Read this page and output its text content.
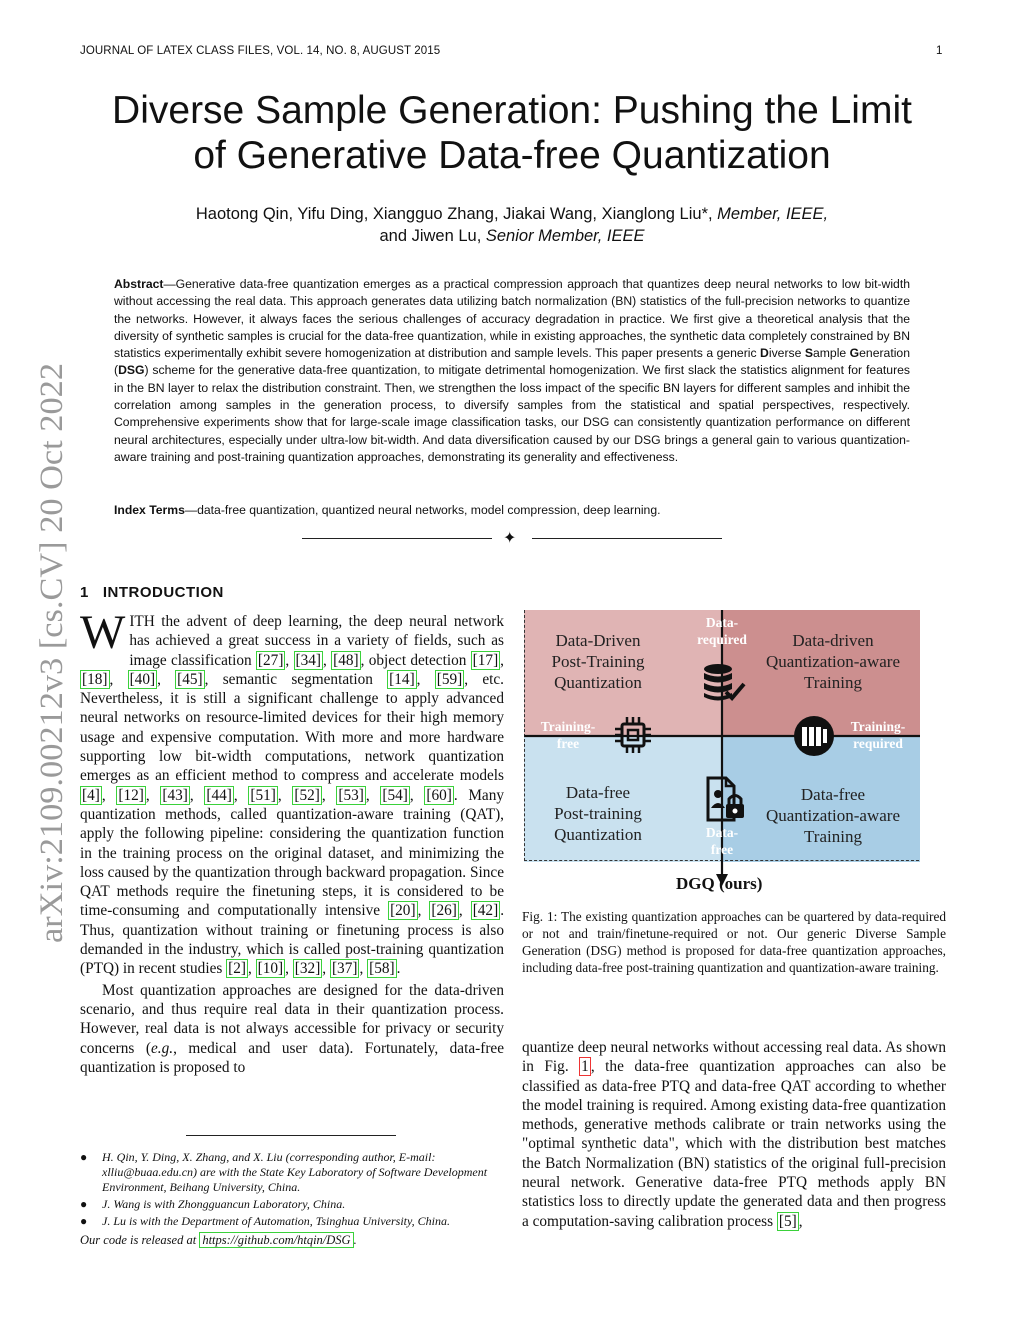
JOURNAL OF LATEX CLASS FILES, VOL. 14, NO. 8, AUGUST 2015	1
Diverse Sample Generation: Pushing the Limit
of Generative Data-free Quantization
Haotong Qin, Yifu Ding, Xiangguo Zhang, Jiakai Wang, Xianglong Liu*, Member, IEEE,
and Jiwen Lu, Senior Member, IEEE
Abstract—Generative data-free quantization emerges as a practical compression approach that quantizes deep neural networks to low bit-width without accessing the real data. This approach generates data utilizing batch normalization (BN) statistics of the full-precision networks to quantize the networks. However, it always faces the serious challenges of accuracy degradation in practice. We first give a theoretical analysis that the diversity of synthetic samples is crucial for the data-free quantization, while in existing approaches, the synthetic data completely constrained by BN statistics experimentally exhibit severe homogenization at distribution and sample levels. This paper presents a generic Diverse Sample Generation (DSG) scheme for the generative data-free quantization, to mitigate detrimental homogenization. We first slack the statistics alignment for features in the BN layer to relax the distribution constraint. Then, we strengthen the loss impact of the specific BN layers for different samples and inhibit the correlation among samples in the generation process, to diversify samples from the statistical and spatial perspectives, respectively. Comprehensive experiments show that for large-scale image classification tasks, our DSG can consistently quantization performance on different neural architectures, especially under ultra-low bit-width. And data diversification caused by our DSG brings a general gain to various quantization-aware training and post-training quantization approaches, demonstrating its generality and effectiveness.
Index Terms—data-free quantization, quantized neural networks, model compression, deep learning.
✦
arXiv:2109.00212v3 [cs.CV] 20 Oct 2022 1 INTRODUCTION

WITH the advent of deep learning, the deep neural network has achieved a great success in a variety of fields, such as image classification [27] , [34] , [48] , object detection [17] , [18] , [40] , [45] , semantic segmentation [14] , [59] , etc. Nevertheless, it is still a significant challenge to apply advanced neural networks on resource-limited devices for their high memory usage and expensive computation. With more and more hardware supporting low bit-width computations, network quantization emerges as an efficient method to compress and accelerate models [4] , [12] , [43] , [44] , [51] , [52] , [53] , [54] , [60] . Many quantization methods, called quantization-aware training (QAT), apply the following pipeline: considering the quantization function in the training process on the original dataset, and minimizing the loss caused by the quantization through backward propagation. Since QAT methods require the finetuning steps, it is considered to be time-consuming and computationally intensive [20] , [26] , [42] . Thus, quantization without training or finetuning process is also demanded in the industry, which is called post-training quantization (PTQ) in recent studies [2] , [10] , [32] , [37] , [58] .

Most quantization approaches are designed for the data-driven scenario, and thus require real data in their quantization process. However, real data is not always accessible for privacy or security concerns (e.g., medical and user data). Fortunately, data-free quantization is proposed to

● H. Qin, Y. Ding, X. Zhang, and X. Liu (corresponding author, E-mail: xlliu@buaa.edu.cn) are with the State Key Laboratory of Software Development Environment, Beihang University, China.
● J. Wang is with Zhongguancun Laboratory, China.
● J. Lu is with the Department of Automation, Tsinghua University, China.
Our code is released at https://github.com/htqin/DSG .
Data-Driven
Post-Training
Quantization
Data-driven
Quantization-aware
Training
Data-free
Post-training
Quantization
Data-free
Quantization-aware
Training
Data-
required
Training-
free
Training-
required
Data-
free
DGQ (ours)
Fig. 1: The existing quantization approaches can be quartered by data-required or not and train/finetune-required or not. Our generic Diverse Sample Generation (DSG) method is proposed for data-free quantization approaches, including data-free post-training quantization and quantization-aware training.
quantize deep neural networks without accessing real data. As shown in Fig. 1 , the data-free quantization approaches can also be classified as data-free PTQ and data-free QAT according to whether the model training is required. Among existing data-free quantization methods, generative methods calibrate or train networks using the "optimal synthetic data", which with the distribution best matches the Batch Normalization (BN) statistics of the original full-precision neural network. Generative data-free PTQ methods apply BN statistics loss to directly update the generated data and then progress a computation-saving calibration process [5] ,
